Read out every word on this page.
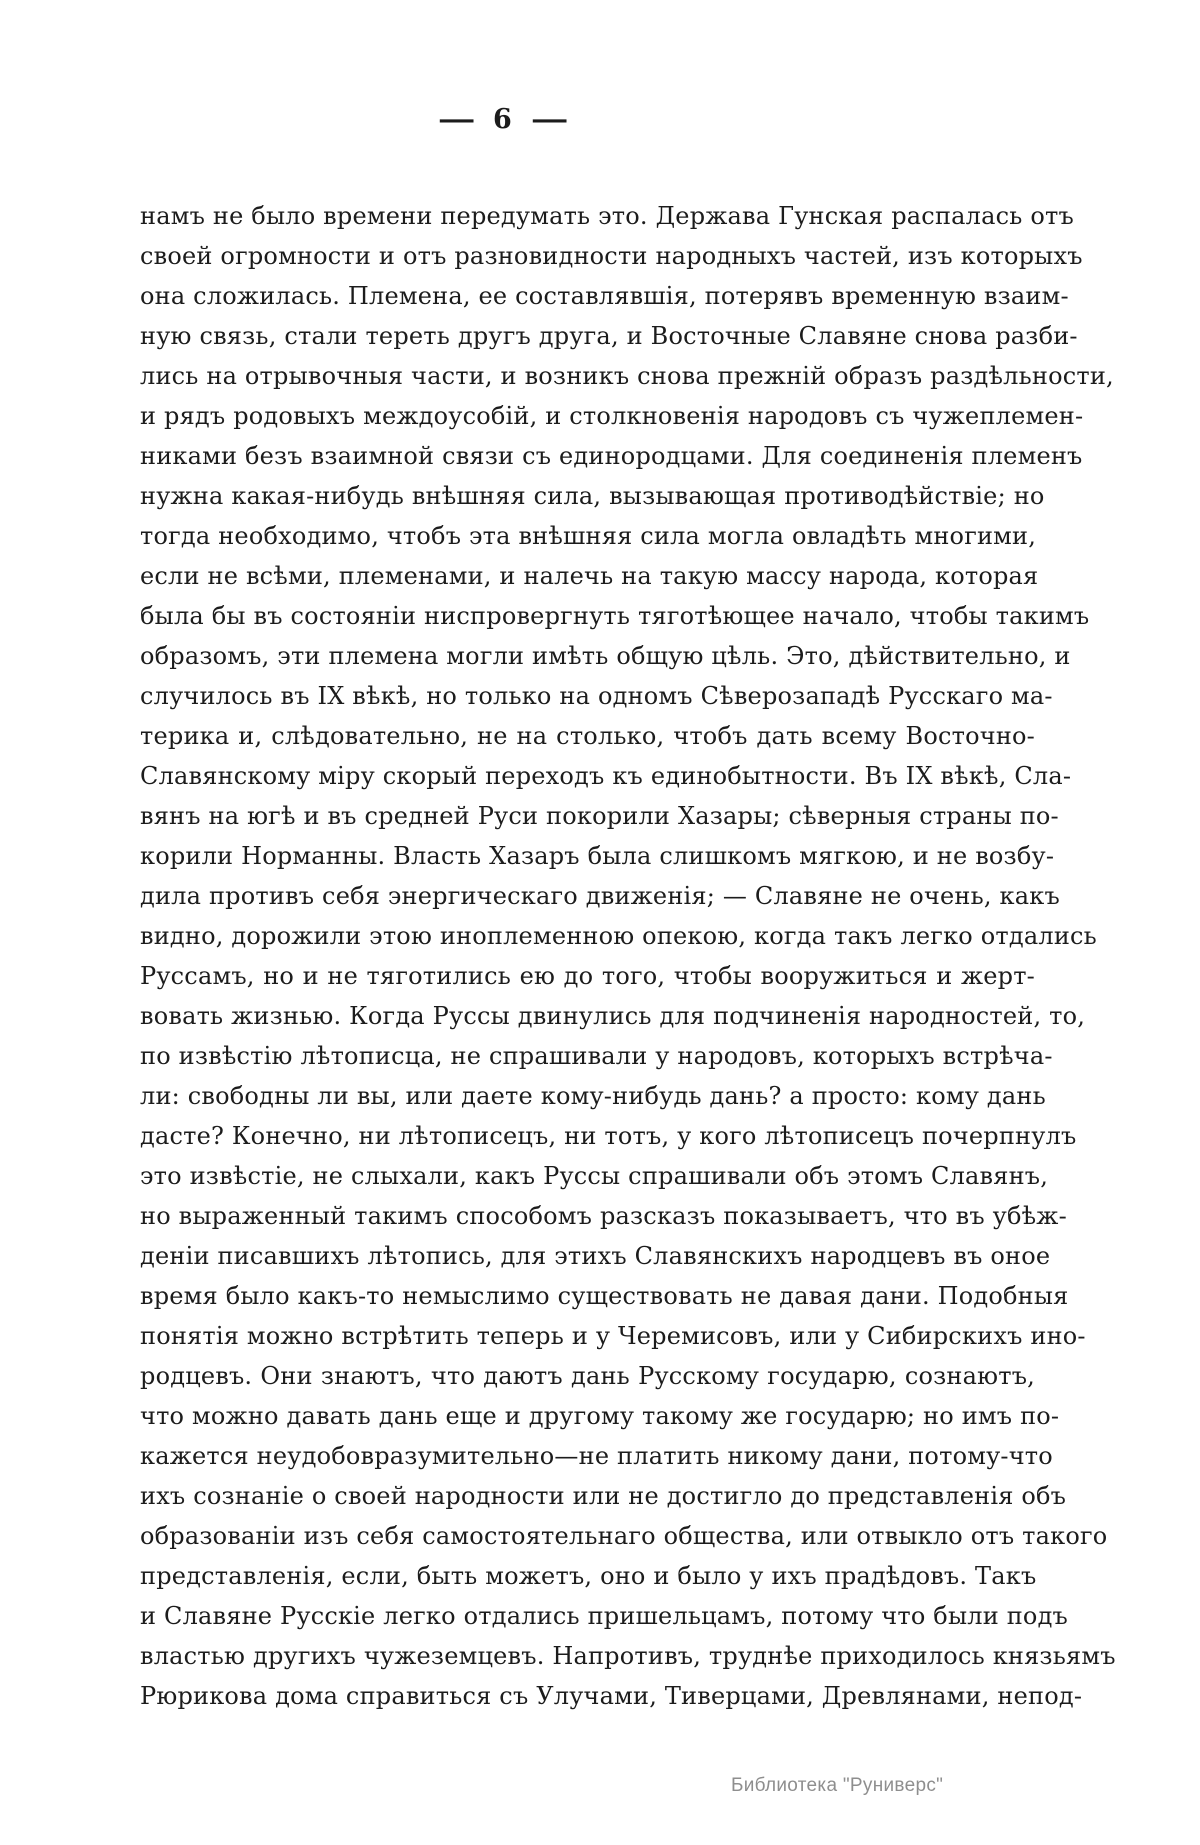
— 6 —
намъ не было времени передумать это. Держава Гунская распалась отъ
своей огромности и отъ разновидности народныхъ частей, изъ которыхъ
она сложилась. Племена, ее составлявшія, потерявъ временную взаим-
ную связь, стали тереть другъ друга, и Восточные Славяне снова разби-
лись на отрывочныя части, и возникъ снова прежній образъ раздѣльности,
и рядъ родовыхъ междоусобій, и столкновенія народовъ съ чужеплемен-
никами безъ взаимной связи съ единородцами. Для соединенія племенъ
нужна какая-нибудь внѣшняя сила, вызывающая противодѣйствіе; но
тогда необходимо, чтобъ эта внѣшняя сила могла овладѣть многими,
если не всѣми, племенами, и налечь на такую массу народа, которая
была бы въ состояніи ниспровергнуть тяготѣющее начало, чтобы такимъ
образомъ, эти племена могли имѣть общую цѣль. Это, дѣйствительно, и
случилось въ IX вѣкѣ, но только на одномъ Сѣверозападѣ Русскаго ма-
терика и, слѣдовательно, не на столько, чтобъ дать всему Восточно-
Славянскому міру скорый переходъ къ единобытности. Въ IX вѣкѣ, Сла-
вянъ на югѣ и въ средней Руси покорили Хазары; сѣверныя страны по-
корили Норманны. Власть Хазаръ была слишкомъ мягкою, и не возбу-
дила противъ себя энергическаго движенія; — Славяне не очень, какъ
видно, дорожили этою иноплеменною опекою, когда такъ легко отдались
Руссамъ, но и не тяготились ею до того, чтобы вооружиться и жерт-
вовать жизнью. Когда Руссы двинулись для подчиненія народностей, то,
по извѣстію лѣтописца, не спрашивали у народовъ, которыхъ встрѣча-
ли: свободны ли вы, или даете кому-нибудь дань? а просто: кому дань
дасте? Конечно, ни лѣтописецъ, ни тотъ, у кого лѣтописецъ почерпнулъ
это извѣстіе, не слыхали, какъ Руссы спрашивали объ этомъ Славянъ,
но выраженный такимъ способомъ разсказъ показываетъ, что въ убѣж-
деніи писавшихъ лѣтопись, для этихъ Славянскихъ народцевъ въ оное
время было какъ-то немыслимо существовать не давая дани. Подобныя
понятія можно встрѣтить теперь и у Черемисовъ, или у Сибирскихъ ино-
родцевъ. Они знаютъ, что даютъ дань Русскому государю, сознаютъ,
что можно давать дань еще и другому такому же государю; но имъ по-
кажется неудобовразумительно—не платить никому дани, потому-что
ихъ сознаніе о своей народности или не достигло до представленія объ
образованіи изъ себя самостоятельнаго общества, или отвыкло отъ такого
представленія, если, быть можетъ, оно и было у ихъ прадѣдовъ. Такъ
и Славяне Русскіе легко отдались пришельцамъ, потому что были подъ
властью другихъ чужеземцевъ. Напротивъ, труднѣе приходилось князьямъ
Рюрикова дома справиться съ Улучами, Тиверцами, Древлянами, непод-
Библиотека "Руниверс"
